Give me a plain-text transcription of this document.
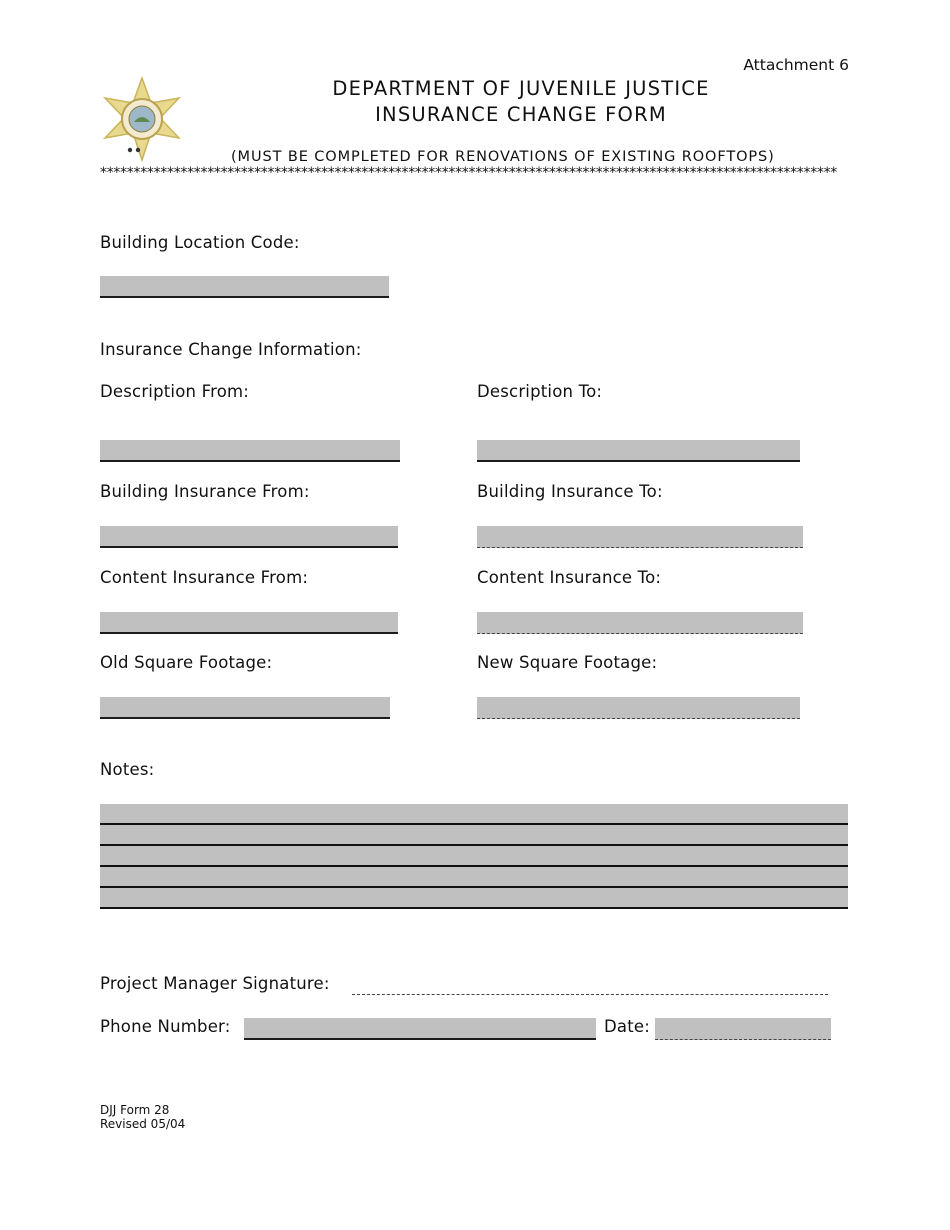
Attachment 6
DEPARTMENT OF JUVENILE JUSTICE
INSURANCE CHANGE FORM
(MUST BE COMPLETED FOR RENOVATIONS OF EXISTING ROOFTOPS)
**************************************************************************************************************
Building Location Code:
Insurance Change Information:
Description From:	Description To:
Building Insurance From:	Building Insurance To:
Content Insurance From:	Content Insurance To:
Old Square Footage:	New Square Footage:
Notes:
Project Manager Signature:
Phone Number:	Date:
DJJ Form 28
Revised 05/04
